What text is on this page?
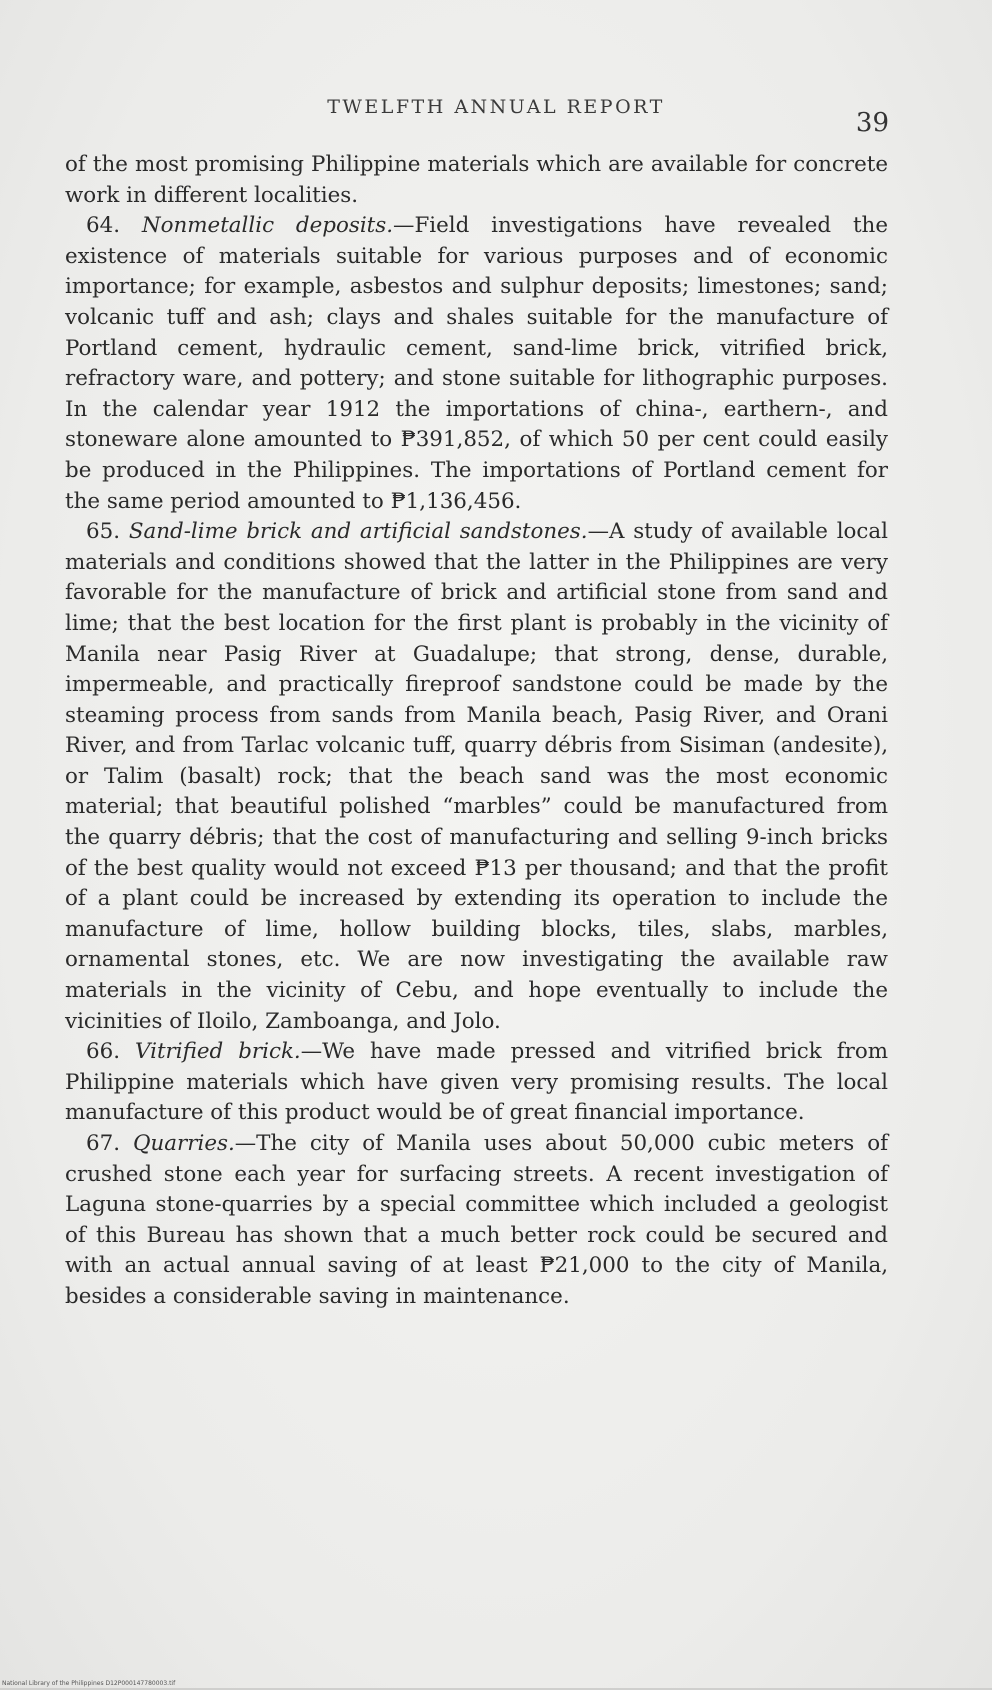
TWELFTH ANNUAL REPORT
39

of the most promising Philippine materials which are available for concrete work in different localities.

64. Nonmetallic deposits.—Field investigations have revealed the existence of materials suitable for various purposes and of economic importance; for example, asbestos and sulphur deposits; limestones; sand; volcanic tuff and ash; clays and shales suitable for the manufacture of Portland cement, hydraulic cement, sand-lime brick, vitrified brick, refractory ware, and pottery; and stone suitable for lithographic purposes. In the calendar year 1912 the importations of china-, earthern-, and stoneware alone amounted to ₱391,852, of which 50 per cent could easily be produced in the Philippines. The importations of Portland cement for the same period amounted to ₱1,136,456.

65. Sand-lime brick and artificial sandstones.—A study of available local materials and conditions showed that the latter in the Philippines are very favorable for the manufacture of brick and artificial stone from sand and lime; that the best location for the first plant is probably in the vicinity of Manila near Pasig River at Guadalupe; that strong, dense, durable, impermeable, and practically fireproof sandstone could be made by the steaming process from sands from Manila beach, Pasig River, and Orani River, and from Tarlac volcanic tuff, quarry débris from Sisiman (andesite), or Talim (basalt) rock; that the beach sand was the most economic material; that beautiful polished “marbles” could be manufactured from the quarry débris; that the cost of manufacturing and selling 9-inch bricks of the best quality would not exceed ₱13 per thousand; and that the profit of a plant could be increased by extending its operation to include the manufacture of lime, hollow building blocks, tiles, slabs, marbles, ornamental stones, etc. We are now investigating the available raw materials in the vicinity of Cebu, and hope eventually to include the vicinities of Iloilo, Zamboanga, and Jolo.

66. Vitrified brick.—We have made pressed and vitrified brick from Philippine materials which have given very promising results. The local manufacture of this product would be of great financial importance.

67. Quarries.—The city of Manila uses about 50,000 cubic meters of crushed stone each year for surfacing streets. A recent investigation of Laguna stone-quarries by a special committee which included a geologist of this Bureau has shown that a much better rock could be secured and with an actual annual saving of at least ₱21,000 to the city of Manila, besides a considerable saving in maintenance.

National Library of the Philippines D12P000147780003.tif
